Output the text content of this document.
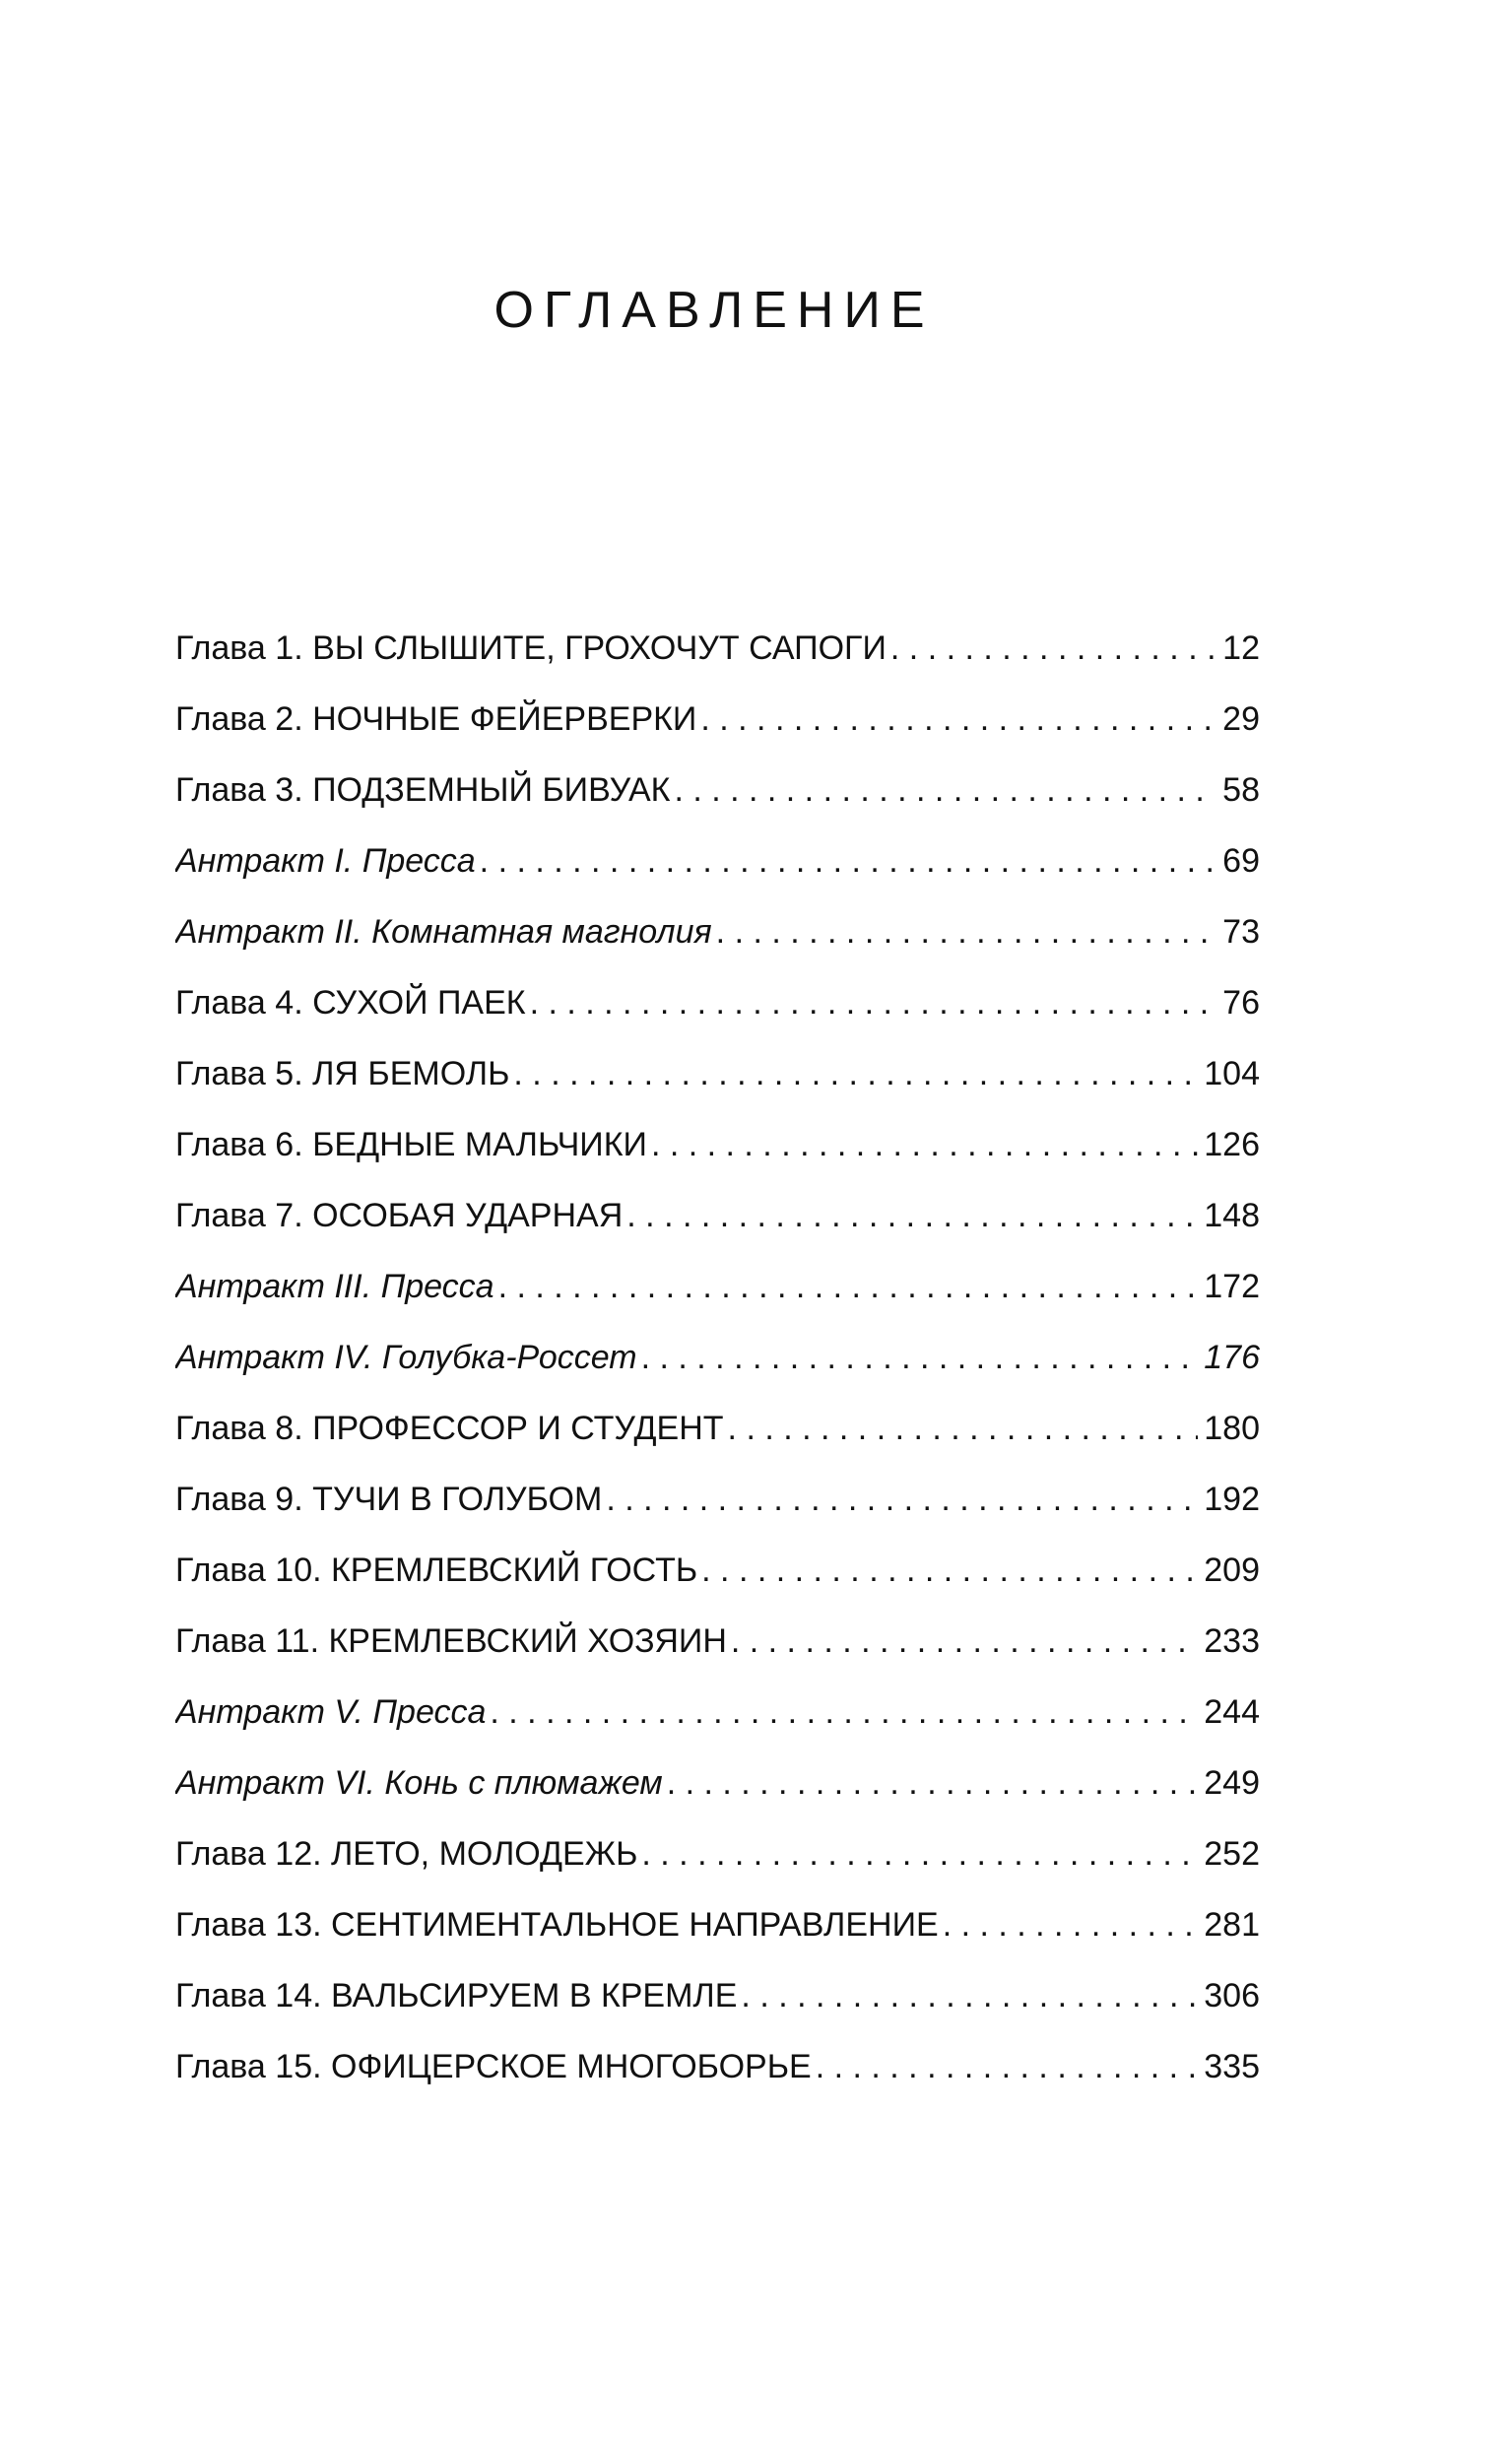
ОГЛАВЛЕНИЕ
Глава 1. ВЫ СЛЫШИТЕ, ГРОХОЧУТ САПОГИ . . .	12
Глава 2. НОЧНЫЕ ФЕЙЕРВЕРКИ . . .	29
Глава 3. ПОДЗЕМНЫЙ БИВУАК . . .	58
Антракт I. Пресса . . .	69
Антракт II. Комнатная магнолия . . .	73
Глава 4. СУХОЙ ПАЕК . . .	76
Глава 5. ЛЯ БЕМОЛЬ . . .	104
Глава 6. БЕДНЫЕ МАЛЬЧИКИ . . .	126
Глава 7. ОСОБАЯ УДАРНАЯ . . .	148
Антракт III. Пресса . . .	172
Антракт IV. Голубка-Россет . . .	176
Глава 8. ПРОФЕССОР И СТУДЕНТ . . .	180
Глава 9. ТУЧИ В ГОЛУБОМ . . .	192
Глава 10. КРЕМЛЕВСКИЙ ГОСТЬ . . .	209
Глава 11. КРЕМЛЕВСКИЙ ХОЗЯИН . . .	233
Антракт V. Пресса . . .	244
Антракт VI. Конь с плюмажем . . .	249
Глава 12. ЛЕТО, МОЛОДЕЖЬ . . .	252
Глава 13. СЕНТИМЕНТАЛЬНОЕ НАПРАВЛЕНИЕ . . .	281
Глава 14. ВАЛЬСИРУЕМ В КРЕМЛЕ . . .	306
Глава 15. ОФИЦЕРСКОЕ МНОГОБОРЬЕ . . .	335
